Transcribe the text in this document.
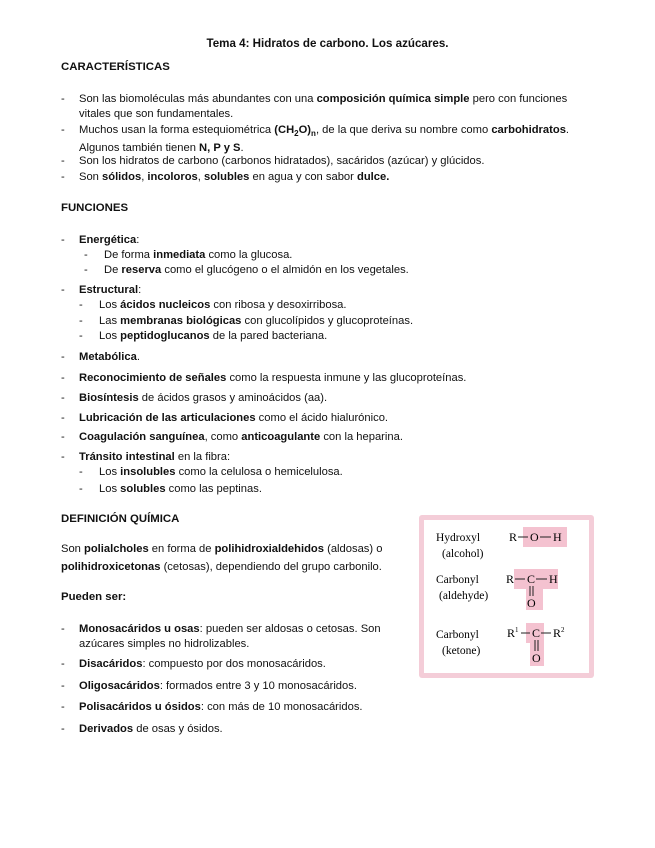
Tema 4: Hidratos de carbono. Los azúcares.
CARACTERÍSTICAS
- Son las biomoléculas más abundantes con una composición química simple pero con funciones vitales que son fundamentales.
- Muchos usan la forma estequiométrica $(CH_2O)_n$, de la que deriva su nombre como carbohidratos. Algunos también tienen N, P y S.
- Son los hidratos de carbono (carbonos hidratados), sacáridos (azúcar) y glúcidos.
- Son sólidos, incoloros, solubles en agua y con sabor dulce.
FUNCIONES
- Energética:
- De forma inmediata como la glucosa.
- De reserva como el glucógeno o el almidón en los vegetales.
- Estructural:
- Los ácidos nucleicos con ribosa y desoxirribosa.
- Las membranas biológicas con glucolípidos y glucoproteínas.
- Los peptidoglucanos de la pared bacteriana.
- Metabólica.
- Reconocimiento de señales como la respuesta inmune y las glucoproteínas.
- Biosíntesis de ácidos grasos y aminoácidos (aa).
- Lubricación de las articulaciones como el ácido hialurónico.
- Coagulación sanguínea, como anticoagulante con la heparina.
- Tránsito intestinal en la fibra:
- Los insolubles como la celulosa o hemicelulosa.
- Los solubles como las peptinas.
DEFINICIÓN QUÍMICA
Son polialcholes en forma de polihidroxialdehidos (aldosas) o polihidroxicetonas (cetosas), dependiendo del grupo carbonilo.
Pueden ser:
- Monosacáridos u osas: pueden ser aldosas o cetosas. Son azúcares simples no hidrolizables.
- Disacáridos: compuesto por dos monosacáridos.
- Oligosacáridos: formados entre 3 y 10 monosacáridos.
- Polisacáridos u ósidos: con más de 10 monosacáridos.
- Derivados de osas y ósidos.
Hydroxyl
(alcohol)
Carbonyl
(aldehyde)
Carbonyl
(ketone)
R O H
R C H
O
$R^1$ C $R^2$
O
